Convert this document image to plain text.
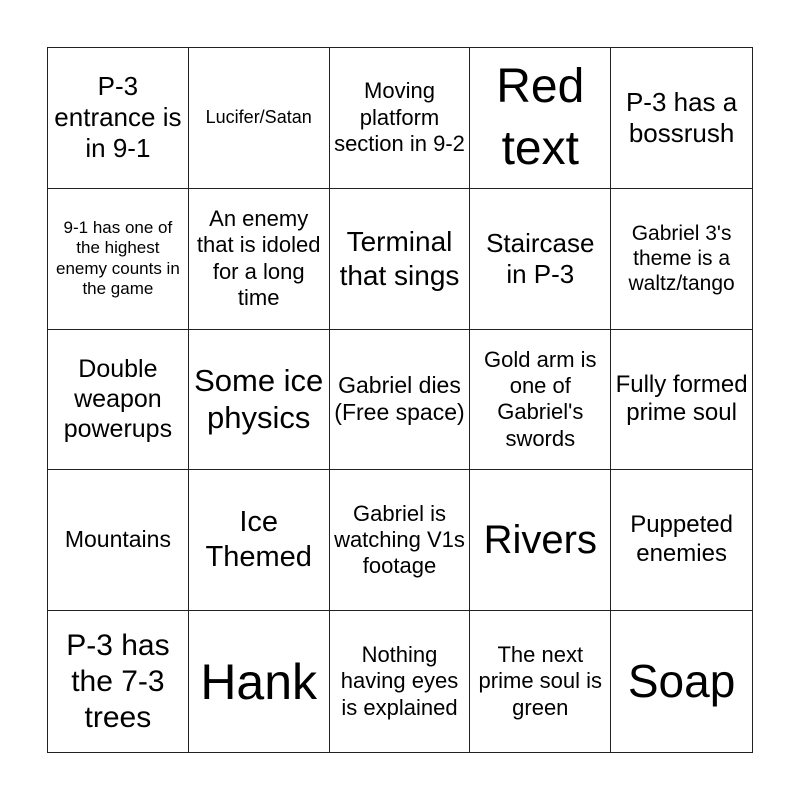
P-3 entrance is in 9-1
Lucifer/Satan
Moving platform section in 9-2
Red text
P-3 has a bossrush
9-1 has one of the highest enemy counts in the game
An enemy that is idoled for a long time
Terminal that sings
Staircase in P-3
Gabriel 3's theme is a waltz/tango
Double weapon powerups
Some ice physics
Gabriel dies (Free space)
Gold arm is one of Gabriel's swords
Fully formed prime soul
Mountains
Ice Themed
Gabriel is watching V1s footage
Rivers	Puppeted enemies
P-3 has the 7-3 trees
Hank	Nothing having eyes is explained
The next prime soul is green
Soap
